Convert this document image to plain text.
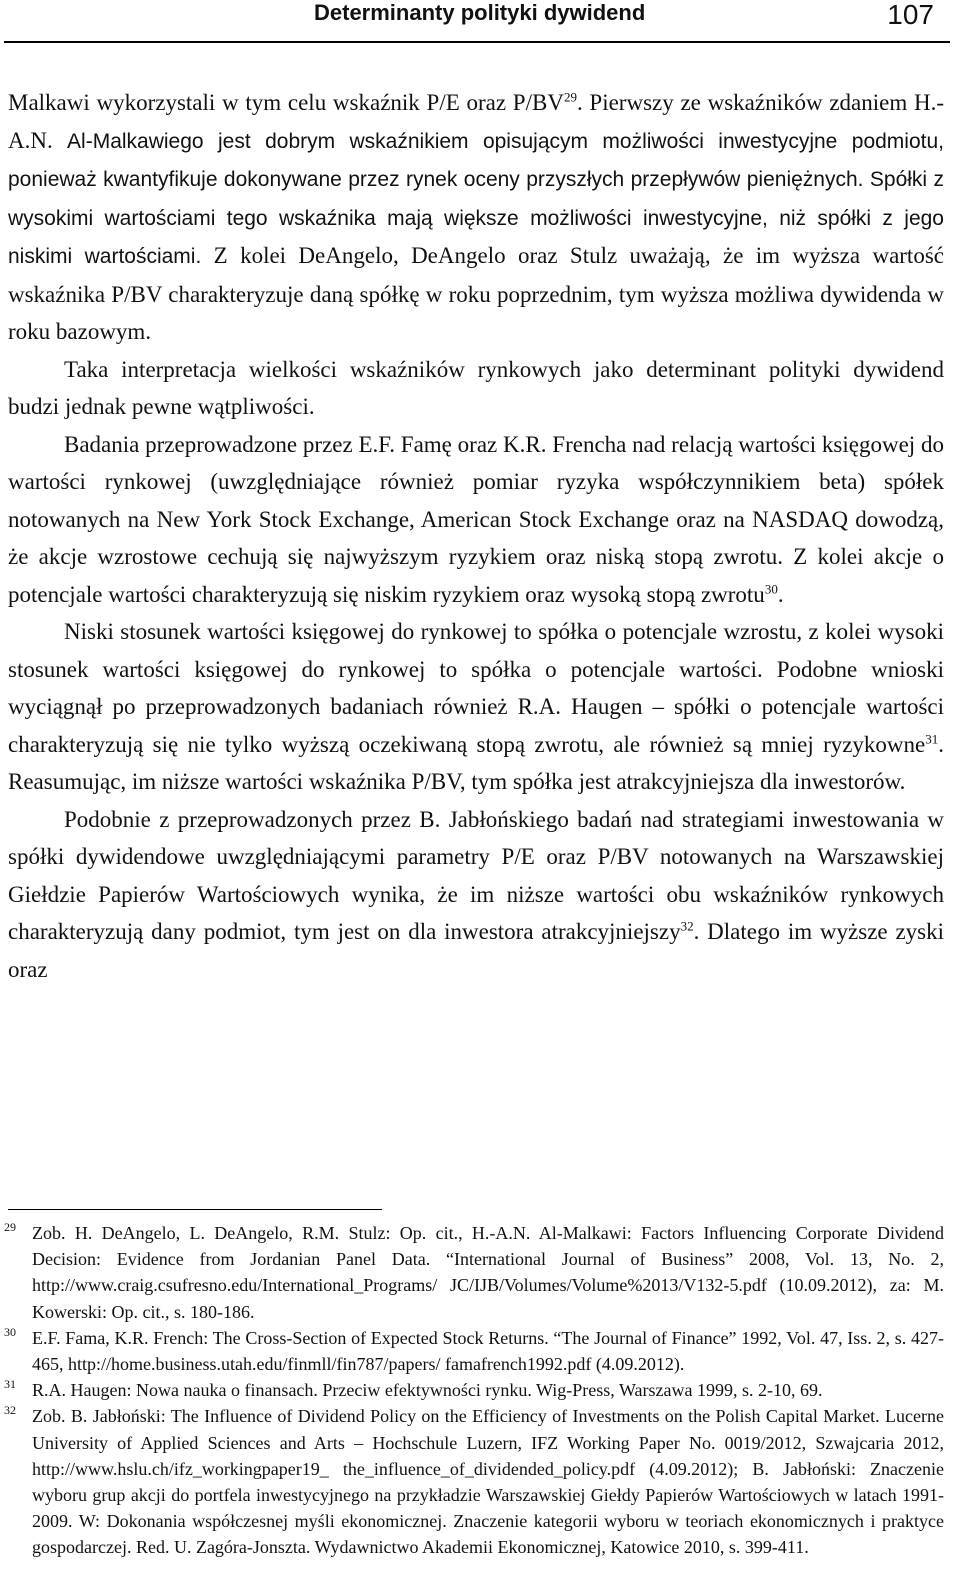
Determinanty polityki dywidend	107

Malkawi wykorzystali w tym celu wskaźnik P/E oraz P/BV$^{29}$. Pierwszy ze wskaźników zdaniem H.-A.N. Al-Malkawiego jest dobrym wskaźnikiem opisującym możliwości inwestycyjne podmiotu, ponieważ kwantyfikuje dokonywane przez rynek oceny przyszłych przepływów pieniężnych. Spółki z wysokimi wartościami tego wskaźnika mają większe możliwości inwestycyjne, niż spółki z jego niskimi wartościami. Z kolei DeAngelo, DeAngelo oraz Stulz uważają, że im wyższa wartość wskaźnika P/BV charakteryzuje daną spółkę w roku poprzednim, tym wyższa możliwa dywidenda w roku bazowym.

Taka interpretacja wielkości wskaźników rynkowych jako determinant polityki dywidend budzi jednak pewne wątpliwości.

Badania przeprowadzone przez E.F. Famę oraz K.R. Frencha nad relacją wartości księgowej do wartości rynkowej (uwzględniające również pomiar ryzyka współczynnikiem beta) spółek notowanych na New York Stock Exchange, American Stock Exchange oraz na NASDAQ dowodzą, że akcje wzrostowe cechują się najwyższym ryzykiem oraz niską stopą zwrotu. Z kolei akcje o potencjale wartości charakteryzują się niskim ryzykiem oraz wysoką stopą zwrotu$^{30}$.

Niski stosunek wartości księgowej do rynkowej to spółka o potencjale wzrostu, z kolei wysoki stosunek wartości księgowej do rynkowej to spółka o potencjale wartości. Podobne wnioski wyciągnął po przeprowadzonych badaniach również R.A. Haugen – spółki o potencjale wartości charakteryzują się nie tylko wyższą oczekiwaną stopą zwrotu, ale również są mniej ryzykowne$^{31}$. Reasumując, im niższe wartości wskaźnika P/BV, tym spółka jest atrakcyjniejsza dla inwestorów.

Podobnie z przeprowadzonych przez B. Jabłońskiego badań nad strategiami inwestowania w spółki dywidendowe uwzględniającymi parametry P/E oraz P/BV notowanych na Warszawskiej Giełdzie Papierów Wartościowych wynika, że im niższe wartości obu wskaźników rynkowych charakteryzują dany podmiot, tym jest on dla inwestora atrakcyjniejszy$^{32}$. Dlatego im wyższe zyski oraz

29 Zob. H. DeAngelo, L. DeAngelo, R.M. Stulz: Op. cit., H.-A.N. Al-Malkawi: Factors Influencing Corporate Dividend Decision: Evidence from Jordanian Panel Data. “International Journal of Business” 2008, Vol. 13, No. 2, http://www.craig.csufresno.edu/International_Programs/ JC/IJB/Volumes/Volume%2013/V132-5.pdf (10.09.2012), za: M. Kowerski: Op. cit., s. 180-186.

30 E.F. Fama, K.R. French: The Cross-Section of Expected Stock Returns. “The Journal of Finance” 1992, Vol. 47, Iss. 2, s. 427-465, http://home.business.utah.edu/finmll/fin787/papers/ famafrench1992.pdf (4.09.2012).

31 R.A. Haugen: Nowa nauka o finansach. Przeciw efektywności rynku. Wig-Press, Warszawa 1999, s. 2-10, 69.

32 Zob. B. Jabłoński: The Influence of Dividend Policy on the Efficiency of Investments on the Polish Capital Market. Lucerne University of Applied Sciences and Arts – Hochschule Luzern, IFZ Working Paper No. 0019/2012, Szwajcaria 2012, http://www.hslu.ch/ifz_workingpaper19_ the_influence_of_dividended_policy.pdf (4.09.2012); B. Jabłoński: Znaczenie wyboru grup akcji do portfela inwestycyjnego na przykładzie Warszawskiej Giełdy Papierów Wartościowych w latach 1991-2009. W: Dokonania współczesnej myśli ekonomicznej. Znaczenie kategorii wyboru w teoriach ekonomicznych i praktyce gospodarczej. Red. U. Zagóra-Jonszta. Wydawnictwo Akademii Ekonomicznej, Katowice 2010, s. 399-411.
